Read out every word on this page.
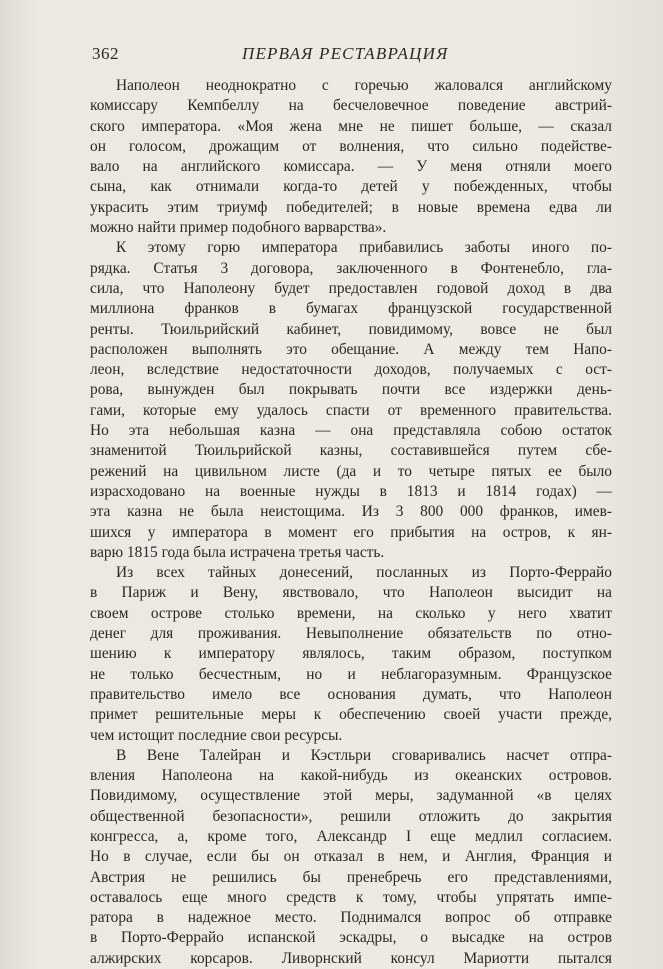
362	ПЕРВАЯ РЕСТАВРАЦИЯ

Наполеон неоднократно с горечью жаловался английскому
комиссару Кемпбеллу на бесчеловечное поведение австрий-
ского императора. «Моя жена мне не пишет больше, — сказал
он голосом, дрожащим от волнения, что сильно подействе-
вало на английского комиссара. — У меня отняли моего
сына, как отнимали когда-то детей у побежденных, чтобы
украсить этим триумф победителей; в новые времена едва ли
можно найти пример подобного варварства».

К этому горю императора прибавились заботы иного по-
рядка. Статья 3 договора, заключенного в Фонтенебло, гла-
сила, что Наполеону будет предоставлен годовой доход в два
миллиона франков в бумагах французской государственной
ренты. Тюильрийский кабинет, повидимому, вовсе не был
расположен выполнять это обещание. А между тем Напо-
леон, вследствие недостаточности доходов, получаемых с ост-
рова, вынужден был покрывать почти все издержки день-
гами, которые ему удалось спасти от временного правительства.
Но эта небольшая казна — она представляла собою остаток
знаменитой Тюильрийской казны, составившейся путем сбе-
режений на цивильном листе (да и то четыре пятых ее было
израсходовано на военные нужды в 1813 и 1814 годах) —
эта казна не была неистощима. Из 3 800 000 франков, имев-
шихся у императора в момент его прибытия на остров, к ян-
варю 1815 года была истрачена третья часть.

Из всех тайных донесений, посланных из Порто-Феррайо
в Париж и Вену, явствовало, что Наполеон высидит на
своем острове столько времени, на сколько у него хватит
денег для проживания. Невыполнение обязательств по отно-
шению к императору являлось, таким образом, поступком
не только бесчестным, но и неблагоразумным. Французское
правительство имело все основания думать, что Наполеон
примет решительные меры к обеспечению своей участи прежде,
чем истощит последние свои ресурсы.

В Вене Талейран и Кэстльри сговаривались насчет отпра-
вления Наполеона на какой-нибудь из океанских островов.
Повидимому, осуществление этой меры, задуманной «в целях
общественной безопасности», решили отложить до закрытия
конгресса, а, кроме того, Александр I еще медлил согласием.
Но в случае, если бы он отказал в нем, и Англия, Франция и
Австрия не решились бы пренебречь его представлениями,
оставалось еще много средств к тому, чтобы упрятать импе-
ратора в надежное место. Поднимался вопрос об отправке
в Порто-Феррайо испанской эскадры, о высадке на остров
алжирских корсаров. Ливорнский консул Мариотти пытался
